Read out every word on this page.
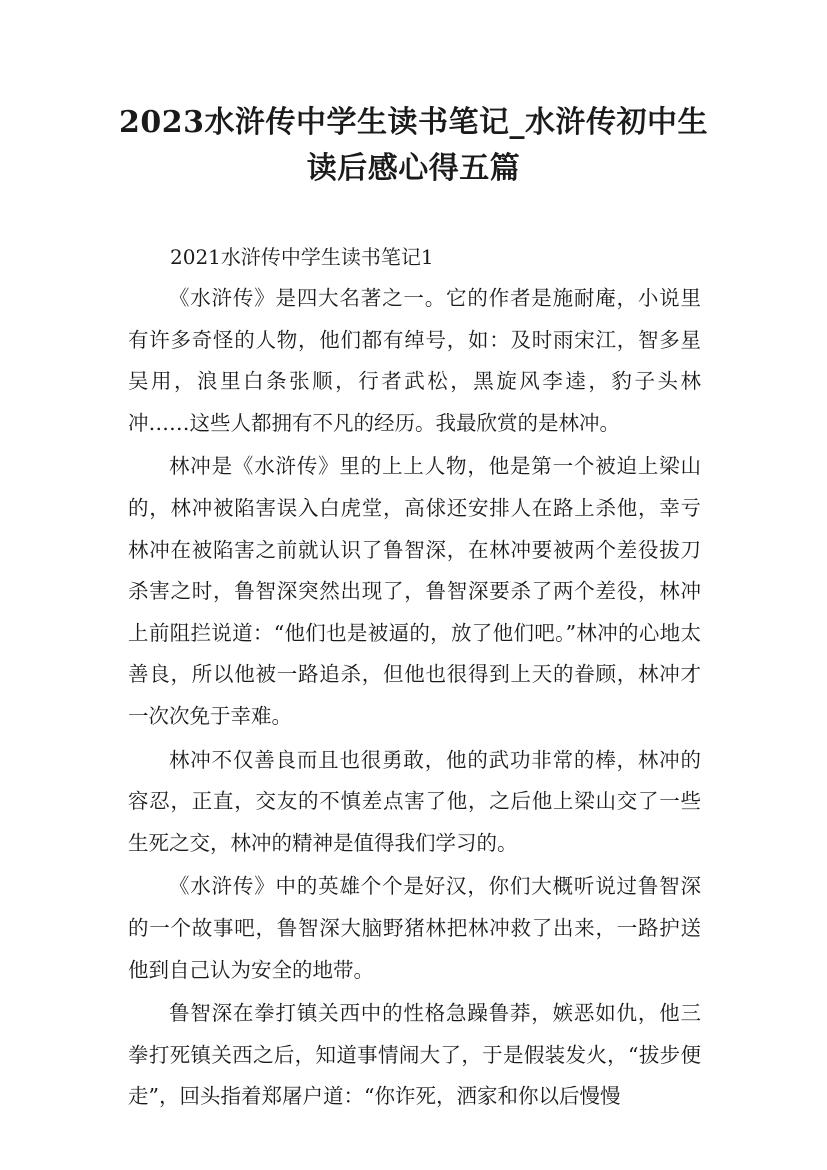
2023水浒传中学生读书笔记_水浒传初中生读后感心得五篇
2021水浒传中学生读书笔记1

《水浒传》是四大名著之一。它的作者是施耐庵，小说里有许多奇怪的人物，他们都有绰号，如：及时雨宋江，智多星吴用，浪里白条张顺，行者武松，黑旋风李逵，豹子头林冲……这些人都拥有不凡的经历。我最欣赏的是林冲。

林冲是《水浒传》里的上上人物，他是第一个被迫上梁山的，林冲被陷害误入白虎堂，高俅还安排人在路上杀他，幸亏林冲在被陷害之前就认识了鲁智深，在林冲要被两个差役拔刀杀害之时，鲁智深突然出现了，鲁智深要杀了两个差役，林冲上前阻拦说道：“他们也是被逼的，放了他们吧。”林冲的心地太善良，所以他被一路追杀，但他也很得到上天的眷顾，林冲才一次次免于幸难。

林冲不仅善良而且也很勇敢，他的武功非常的棒，林冲的容忍，正直，交友的不慎差点害了他，之后他上梁山交了一些生死之交，林冲的精神是值得我们学习的。

《水浒传》中的英雄个个是好汉，你们大概听说过鲁智深的一个故事吧，鲁智深大脑野猪林把林冲救了出来，一路护送他到自己认为安全的地带。

鲁智深在拳打镇关西中的性格急躁鲁莽，嫉恶如仇，他三拳打死镇关西之后，知道事情闹大了，于是假装发火，“拔步便走”，回头指着郑屠户道：“你诈死，洒家和你以后慢慢
